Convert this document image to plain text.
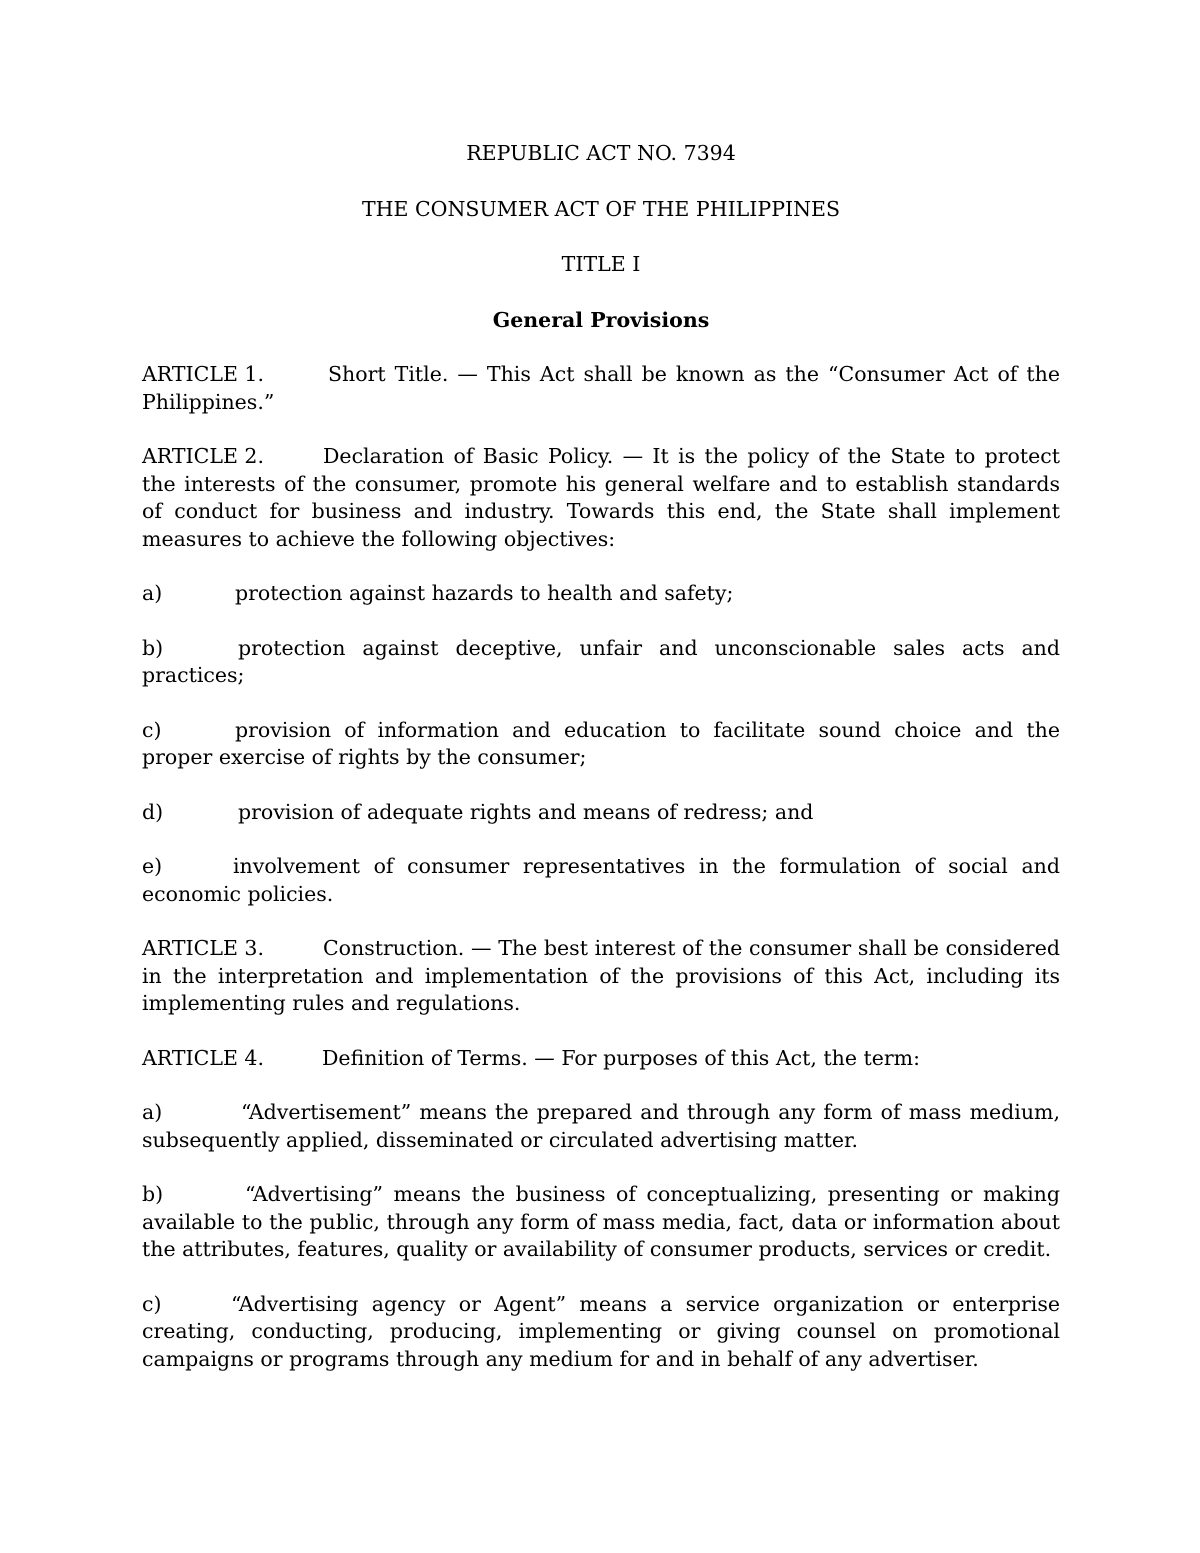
REPUBLIC ACT NO. 7394

THE CONSUMER ACT OF THE PHILIPPINES

TITLE I

General Provisions

ARTICLE 1.	Short Title. — This Act shall be known as the “Consumer Act of the Philippines.”

ARTICLE 2.	Declaration of Basic Policy. — It is the policy of the State to protect the interests of the consumer, promote his general welfare and to establish standards of conduct for business and industry. Towards this end, the State shall implement measures to achieve the following objectives:

a)	protection against hazards to health and safety;

b)	protection against deceptive, unfair and unconscionable sales acts and practices;

c)	provision of information and education to facilitate sound choice and the proper exercise of rights by the consumer;

d)	provision of adequate rights and means of redress; and

e)	involvement of consumer representatives in the formulation of social and economic policies.

ARTICLE 3.	Construction. — The best interest of the consumer shall be considered in the interpretation and implementation of the provisions of this Act, including its implementing rules and regulations.

ARTICLE 4.	Definition of Terms. — For purposes of this Act, the term:

a)	“Advertisement” means the prepared and through any form of mass medium, subsequently applied, disseminated or circulated advertising matter.

b)	“Advertising” means the business of conceptualizing, presenting or making available to the public, through any form of mass media, fact, data or information about the attributes, features, quality or availability of consumer products, services or credit.

c)	“Advertising agency or Agent” means a service organization or enterprise creating, conducting, producing, implementing or giving counsel on promotional campaigns or programs through any medium for and in behalf of any advertiser.
